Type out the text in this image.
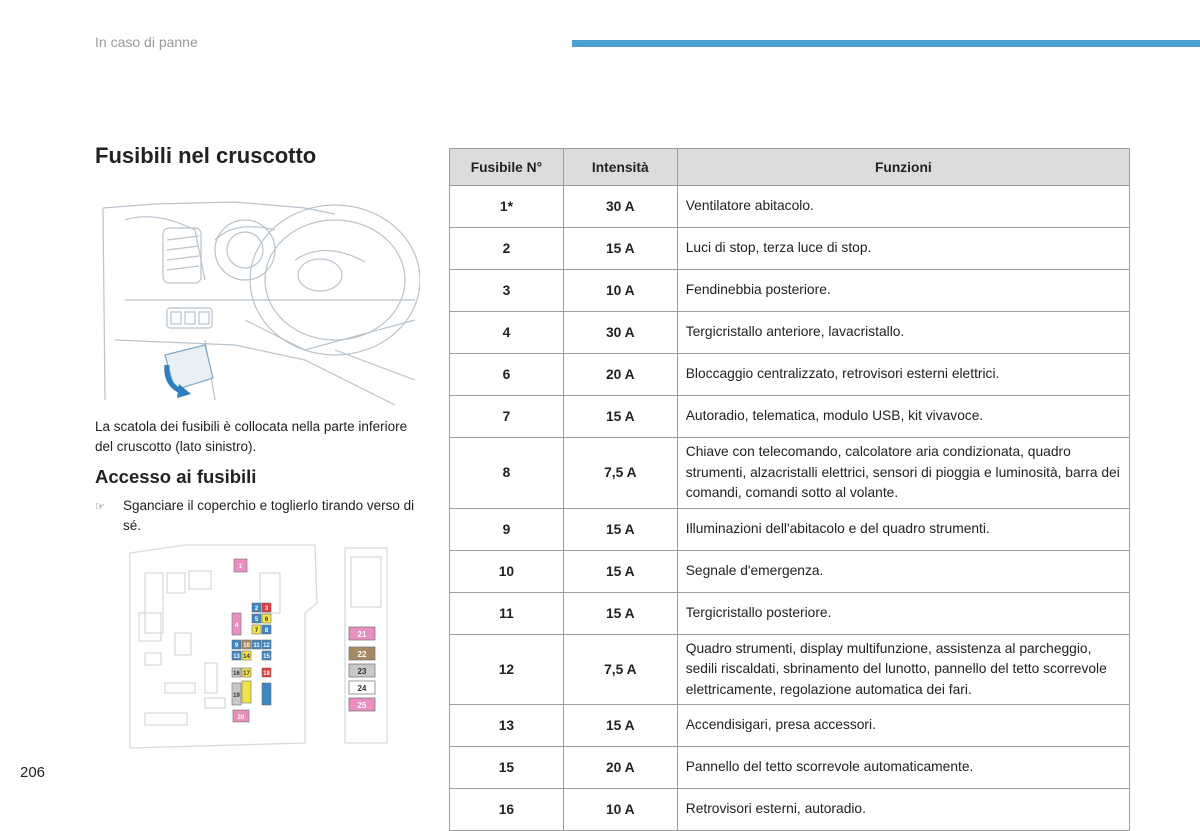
In caso di panne
Fusibili nel cruscotto
La scatola dei fusibili è collocata nella parte inferiore del cruscotto (lato sinistro).
Accesso ai fusibili
☞	Sganciare il coperchio e toglierlo tirando verso di sé.
1
2 3
4
5 6
7 8
9 10 11 12
13 14 15
16 17 18
19
20
21
22
23
24
25
Fusibile N°	Intensità	Funzioni
1*	30 A	Ventilatore abitacolo.
2	15 A	Luci di stop, terza luce di stop.
3	10 A	Fendinebbia posteriore.
4	30 A	Tergicristallo anteriore, lavacristallo.
6	20 A	Bloccaggio centralizzato, retrovisori esterni elettrici.
7	15 A	Autoradio, telematica, modulo USB, kit vivavoce.
8	7,5 A	Chiave con telecomando, calcolatore aria condizionata, quadro strumenti, alzacristalli elettrici, sensori di pioggia e luminosità, barra dei comandi, comandi sotto al volante.
9	15 A	Illuminazioni dell'abitacolo e del quadro strumenti.
10	15 A	Segnale d'emergenza.
11	15 A	Tergicristallo posteriore.
12	7,5 A	Quadro strumenti, display multifunzione, assistenza al parcheggio, sedili riscaldati, sbrinamento del lunotto, pannello del tetto scorrevole elettricamente, regolazione automatica dei fari.
13	15 A	Accendisigari, presa accessori.
15	20 A	Pannello del tetto scorrevole automaticamente.
16	10 A	Retrovisori esterni, autoradio.
206
